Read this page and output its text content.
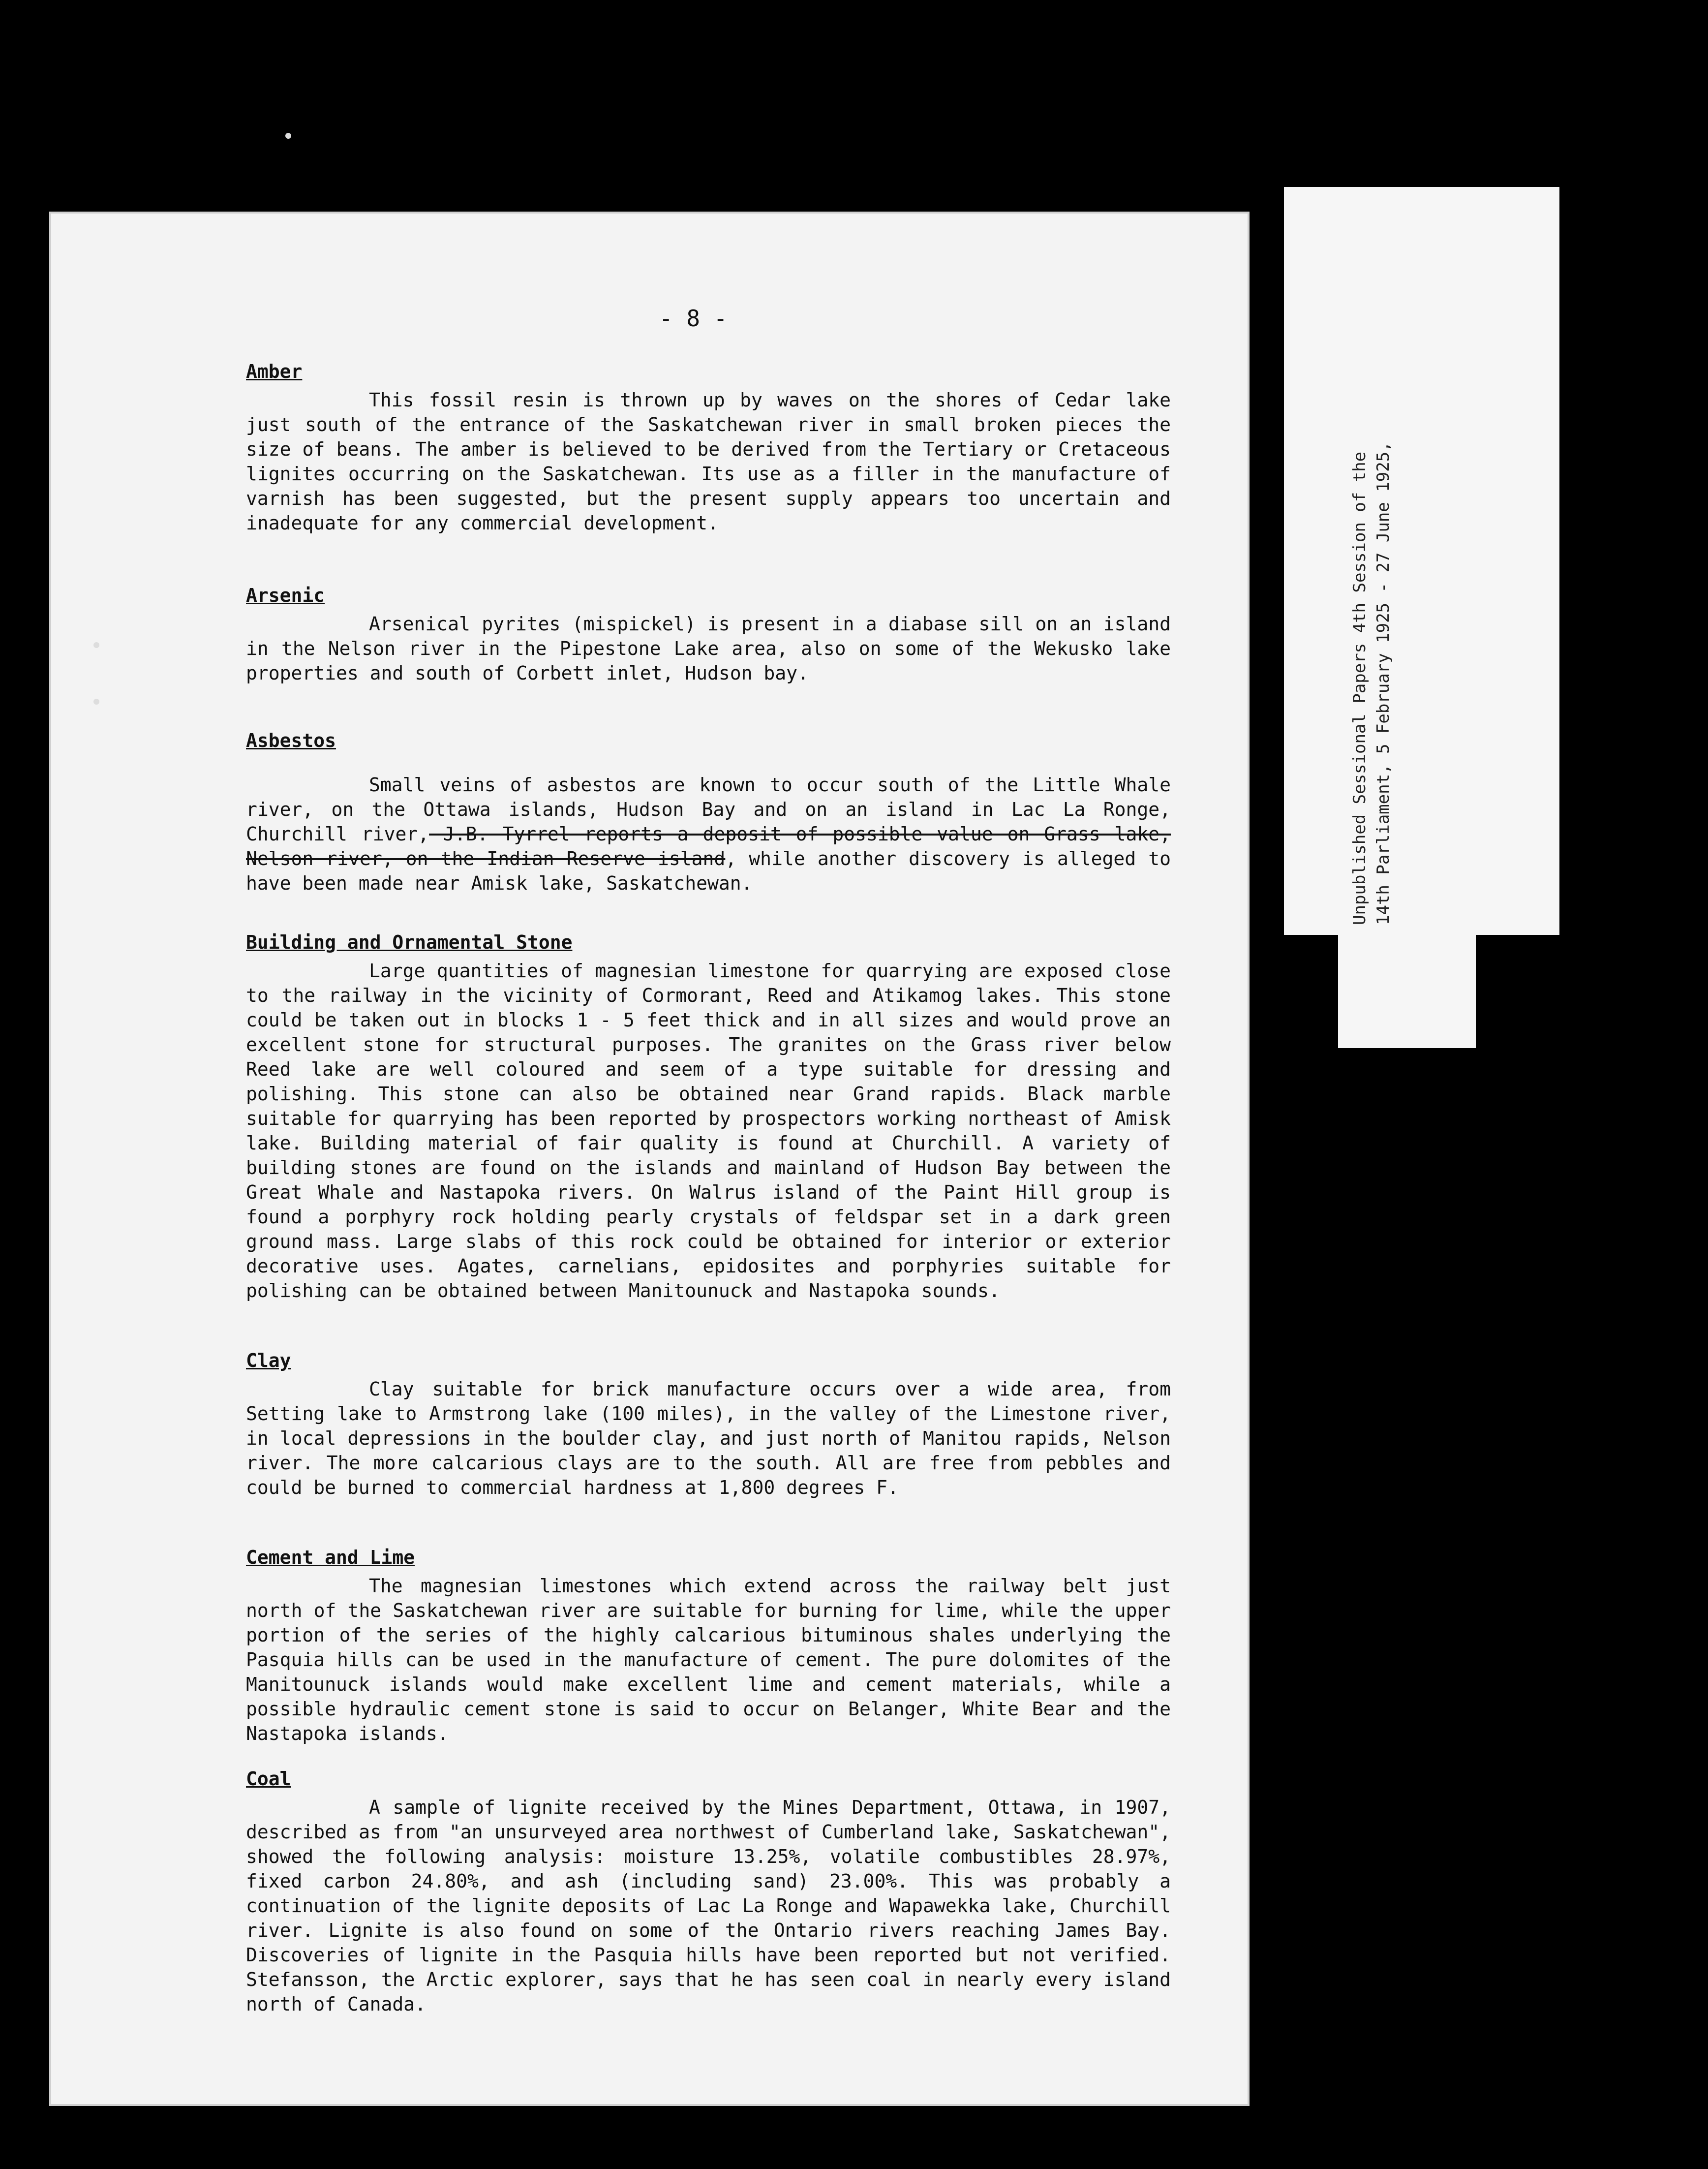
Unpublished Sessional Papers 4th Session of the 14th Parliament, 5 February 1925 - 27 June 1925,
- 8 -
Amber
This fossil resin is thrown up by waves on the shores of Cedar lake just south of the entrance of the Saskatchewan river in small broken pieces the size of beans. The amber is believed to be derived from the Tertiary or Cretaceous lignites occurring on the Saskatchewan. Its use as a filler in the manufacture of varnish has been suggested, but the present supply appears too uncertain and inadequate for any commercial development.
Arsenic
Arsenical pyrites (mispickel) is present in a diabase sill on an island in the Nelson river in the Pipestone Lake area, also on some of the Wekusko lake properties and south of Corbett inlet, Hudson bay.
Asbestos
Small veins of asbestos are known to occur south of the Little Whale river, on the Ottawa islands, Hudson Bay and on an island in Lac La Ronge, Churchill river, J.B. Tyrrel reports a deposit of possible value on Grass lake, Nelson river, on the Indian Reserve island, while another discovery is alleged to have been made near Amisk lake, Saskatchewan.
Building and Ornamental Stone
Large quantities of magnesian limestone for quarrying are exposed close to the railway in the vicinity of Cormorant, Reed and Atikamog lakes. This stone could be taken out in blocks 1 - 5 feet thick and in all sizes and would prove an excellent stone for structural purposes. The granites on the Grass river below Reed lake are well coloured and seem of a type suitable for dressing and polishing. This stone can also be obtained near Grand rapids. Black marble suitable for quarrying has been reported by prospectors working northeast of Amisk lake. Building material of fair quality is found at Churchill. A variety of building stones are found on the islands and mainland of Hudson Bay between the Great Whale and Nastapoka rivers. On Walrus island of the Paint Hill group is found a porphyry rock holding pearly crystals of feldspar set in a dark green ground mass. Large slabs of this rock could be obtained for interior or exterior decorative uses. Agates, carnelians, epidosites and porphyries suitable for polishing can be obtained between Manitounuck and Nastapoka sounds.
Clay
Clay suitable for brick manufacture occurs over a wide area, from Setting lake to Armstrong lake (100 miles), in the valley of the Limestone river, in local depressions in the boulder clay, and just north of Manitou rapids, Nelson river. The more calcarious clays are to the south. All are free from pebbles and could be burned to commercial hardness at 1,800 degrees F.
Cement and Lime
The magnesian limestones which extend across the railway belt just north of the Saskatchewan river are suitable for burning for lime, while the upper portion of the series of the highly calcarious bituminous shales underlying the Pasquia hills can be used in the manufacture of cement. The pure dolomites of the Manitounuck islands would make excellent lime and cement materials, while a possible hydraulic cement stone is said to occur on Belanger, White Bear and the Nastapoka islands.
Coal
A sample of lignite received by the Mines Department, Ottawa, in 1907, described as from "an unsurveyed area northwest of Cumberland lake, Saskatchewan", showed the following analysis: moisture 13.25%, volatile combustibles 28.97%, fixed carbon 24.80%, and ash (including sand) 23.00%. This was probably a continuation of the lignite deposits of Lac La Ronge and Wapawekka lake, Churchill river. Lignite is also found on some of the Ontario rivers reaching James Bay. Discoveries of lignite in the Pasquia hills have been reported but not verified. Stefansson, the Arctic explorer, says that he has seen coal in nearly every island north of Canada.
